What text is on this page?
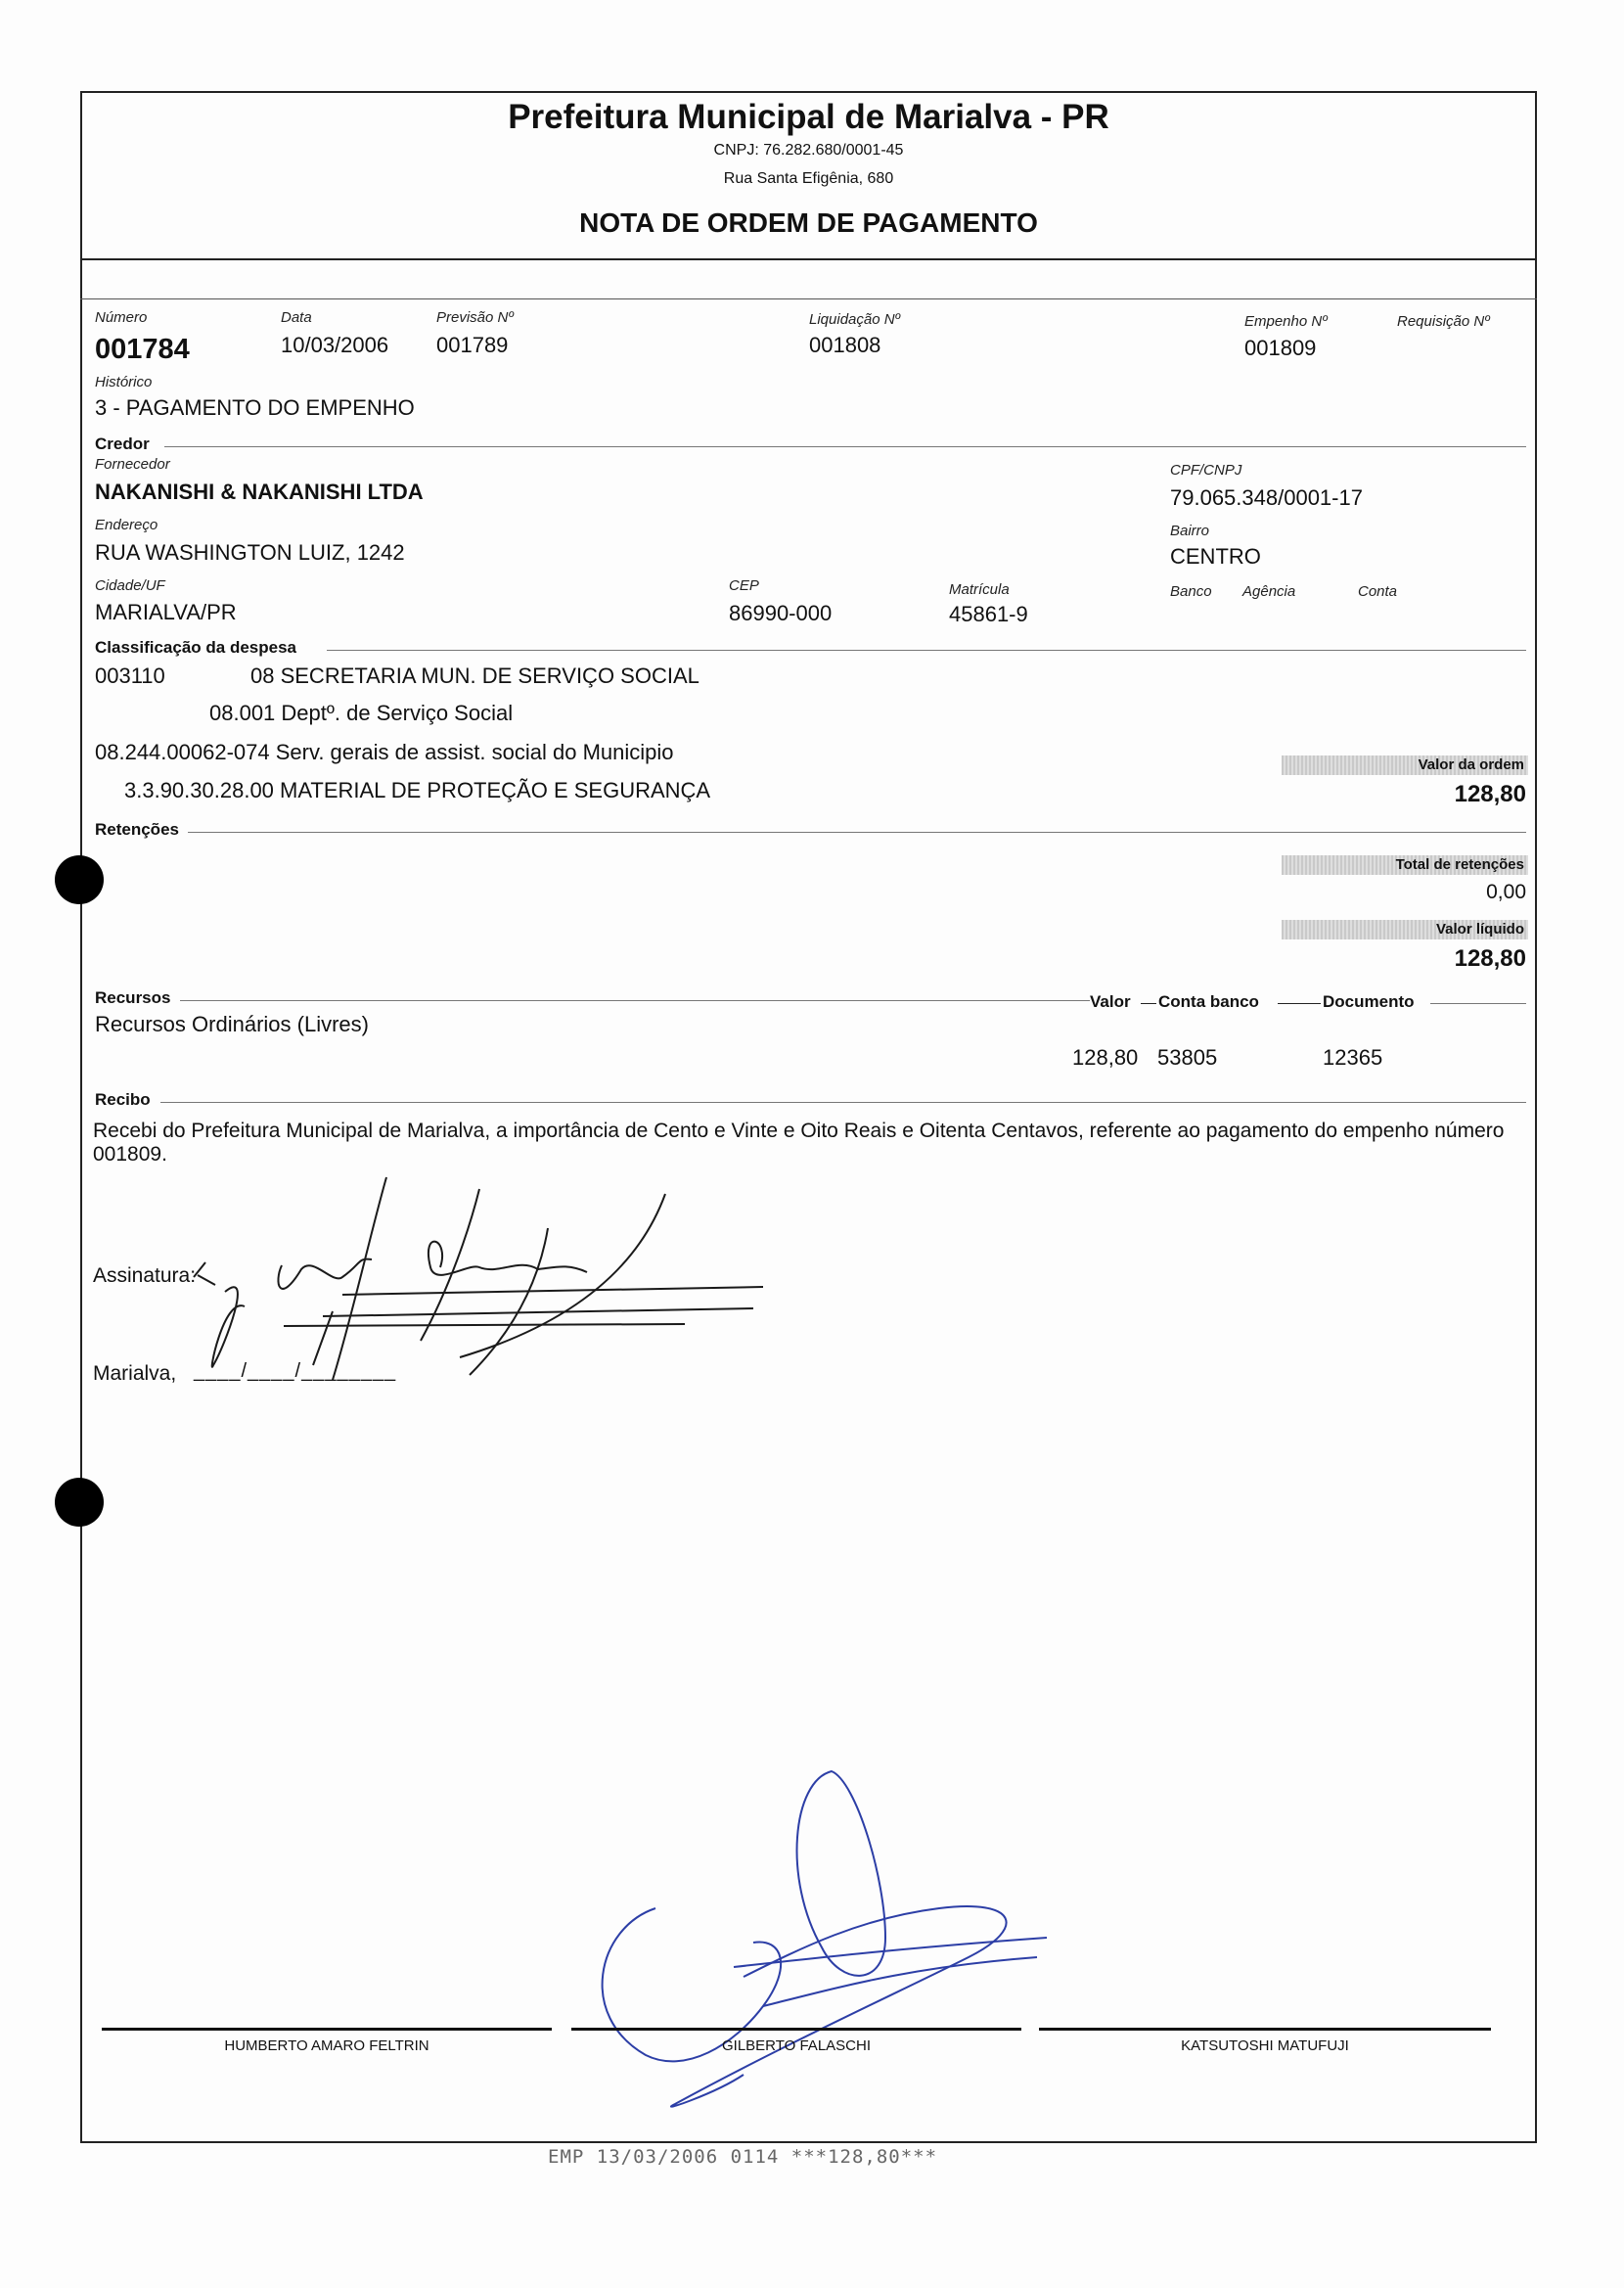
Prefeitura Municipal de Marialva - PR
CNPJ: 76.282.680/0001-45
Rua Santa Efigênia, 680
NOTA DE ORDEM DE PAGAMENTO
Número
001784
Data
10/03/2006
Previsão Nº
001789
Liquidação Nº
001808
Empenho Nº
001809
Requisição Nº
Histórico
3 - PAGAMENTO DO EMPENHO
Credor
Fornecedor
NAKANISHI & NAKANISHI LTDA
CPF/CNPJ
79.065.348/0001-17
Endereço
RUA WASHINGTON LUIZ, 1242
Bairro
CENTRO
Cidade/UF
MARIALVA/PR
CEP
86990-000
Matrícula
45861-9
Banco Agência	Conta
Classificação da despesa
003110	08 SECRETARIA MUN. DE SERVIÇO SOCIAL
08.001 Deptº. de Serviço Social
08.244.00062-074 Serv. gerais de assist. social do Municipio
3.3.90.30.28.00 MATERIAL DE PROTEÇÃO E SEGURANÇA
Valor da ordem
128,80
Retenções
Total de retenções
0,00
Valor líquido
128,80
Recursos	Valor Conta banco	Documento
Recursos Ordinários (Livres)
128,80 53805	12365
Recibo
Recebi do Prefeitura Municipal de Marialva, a importância de Cento e Vinte e Oito Reais e Oitenta Centavos, referente ao pagamento do empenho número 001809.
Assinatura:
Marialva, ____/____/________
HUMBERTO AMARO FELTRIN	GILBERTO FALASCHI	KATSUTOSHI MATUFUJI
EMP 13/03/2006 0114 ***128,80***
